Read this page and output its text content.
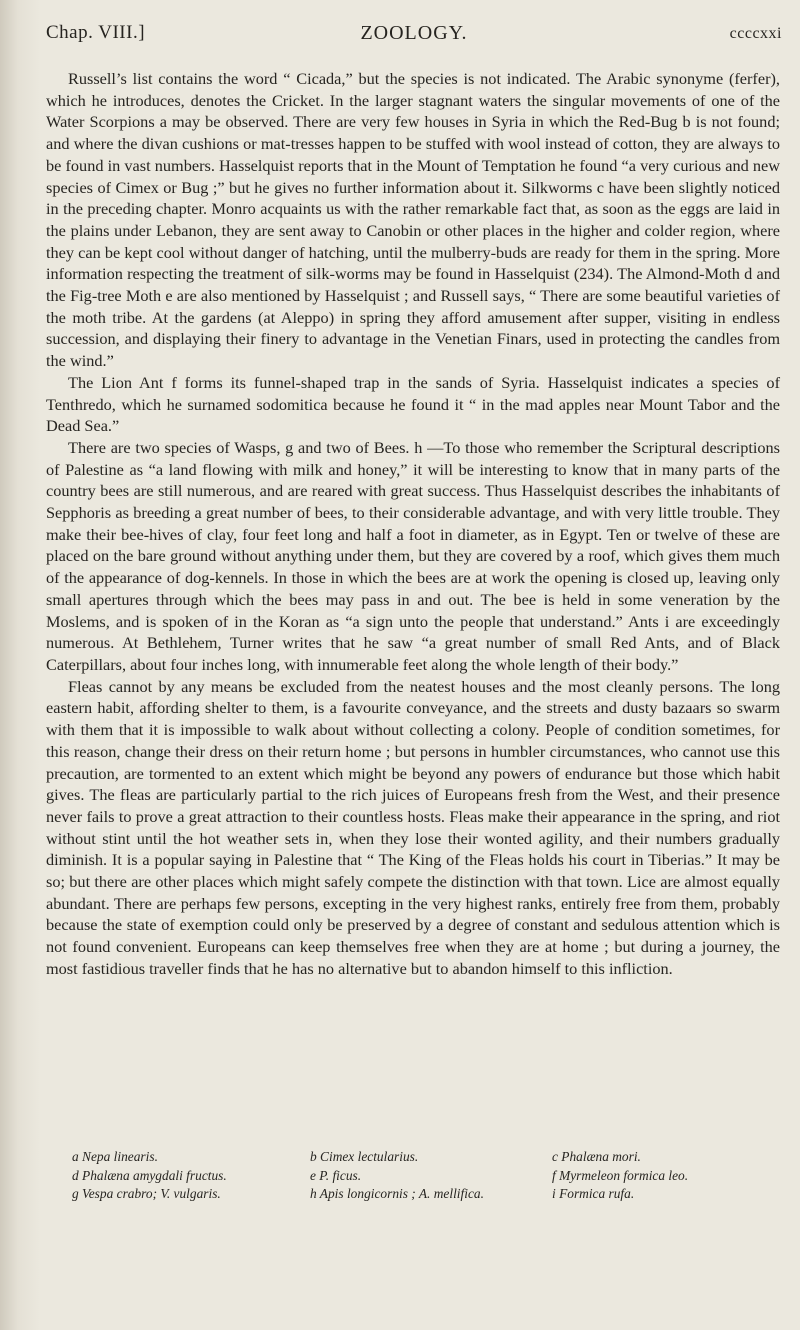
Chap. VIII.]	ZOOLOGY.	ccccxxi

Russell’s list contains the word “ Cicada,” but the species is not indicated. The Arabic synonyme (ferfer), which he introduces, denotes the Cricket. In the larger stagnant waters the singular movements of one of the Water Scorpions a may be observed. There are very few houses in Syria in which the Red-Bug b is not found; and where the divan cushions or mat-tresses happen to be stuffed with wool instead of cotton, they are always to be found in vast numbers. Hasselquist reports that in the Mount of Temptation he found “a very curious and new species of Cimex or Bug ;” but he gives no further information about it. Silkworms c have been slightly noticed in the preceding chapter. Monro acquaints us with the rather remarkable fact that, as soon as the eggs are laid in the plains under Lebanon, they are sent away to Canobin or other places in the higher and colder region, where they can be kept cool without danger of hatching, until the mulberry-buds are ready for them in the spring. More information respecting the treatment of silk-worms may be found in Hasselquist (234). The Almond-Moth d and the Fig-tree Moth e are also mentioned by Hasselquist ; and Russell says, “ There are some beautiful varieties of the moth tribe. At the gardens (at Aleppo) in spring they afford amusement after supper, visiting in endless succession, and displaying their finery to advantage in the Venetian Finars, used in protecting the candles from the wind.”

The Lion Ant f forms its funnel-shaped trap in the sands of Syria. Hasselquist indicates a species of Tenthredo, which he surnamed sodomitica because he found it “ in the mad apples near Mount Tabor and the Dead Sea.”

There are two species of Wasps, g and two of Bees. h —To those who remember the Scriptural descriptions of Palestine as “a land flowing with milk and honey,” it will be interesting to know that in many parts of the country bees are still numerous, and are reared with great success. Thus Hasselquist describes the inhabitants of Sepphoris as breeding a great number of bees, to their considerable advantage, and with very little trouble. They make their bee-hives of clay, four feet long and half a foot in diameter, as in Egypt. Ten or twelve of these are placed on the bare ground without anything under them, but they are covered by a roof, which gives them much of the appearance of dog-kennels. In those in which the bees are at work the opening is closed up, leaving only small apertures through which the bees may pass in and out. The bee is held in some veneration by the Moslems, and is spoken of in the Koran as “a sign unto the people that understand.” Ants i are exceedingly numerous. At Bethlehem, Turner writes that he saw “a great number of small Red Ants, and of Black Caterpillars, about four inches long, with innumerable feet along the whole length of their body.”

Fleas cannot by any means be excluded from the neatest houses and the most cleanly persons. The long eastern habit, affording shelter to them, is a favourite conveyance, and the streets and dusty bazaars so swarm with them that it is impossible to walk about without collecting a colony. People of condition sometimes, for this reason, change their dress on their return home ; but persons in humbler circumstances, who cannot use this precaution, are tormented to an extent which might be beyond any powers of endurance but those which habit gives. The fleas are particularly partial to the rich juices of Europeans fresh from the West, and their presence never fails to prove a great attraction to their countless hosts. Fleas make their appearance in the spring, and riot without stint until the hot weather sets in, when they lose their wonted agility, and their numbers gradually diminish. It is a popular saying in Palestine that “ The King of the Fleas holds his court in Tiberias.” It may be so; but there are other places which might safely compete the distinction with that town. Lice are almost equally abundant. There are perhaps few persons, excepting in the very highest ranks, entirely free from them, probably because the state of exemption could only be preserved by a degree of constant and sedulous attention which is not found convenient. Europeans can keep themselves free when they are at home ; but during a journey, the most fastidious traveller finds that he has no alternative but to abandon himself to this infliction.

a Nepa linearis.	b Cimex lectularius.	c Phalæna mori.
d Phalæna amygdali fructus.	e P. ficus.	f Myrmeleon formica leo.
g Vespa crabro; V. vulgaris.	h Apis longicornis ; A. mellifica.	i Formica rufa.
